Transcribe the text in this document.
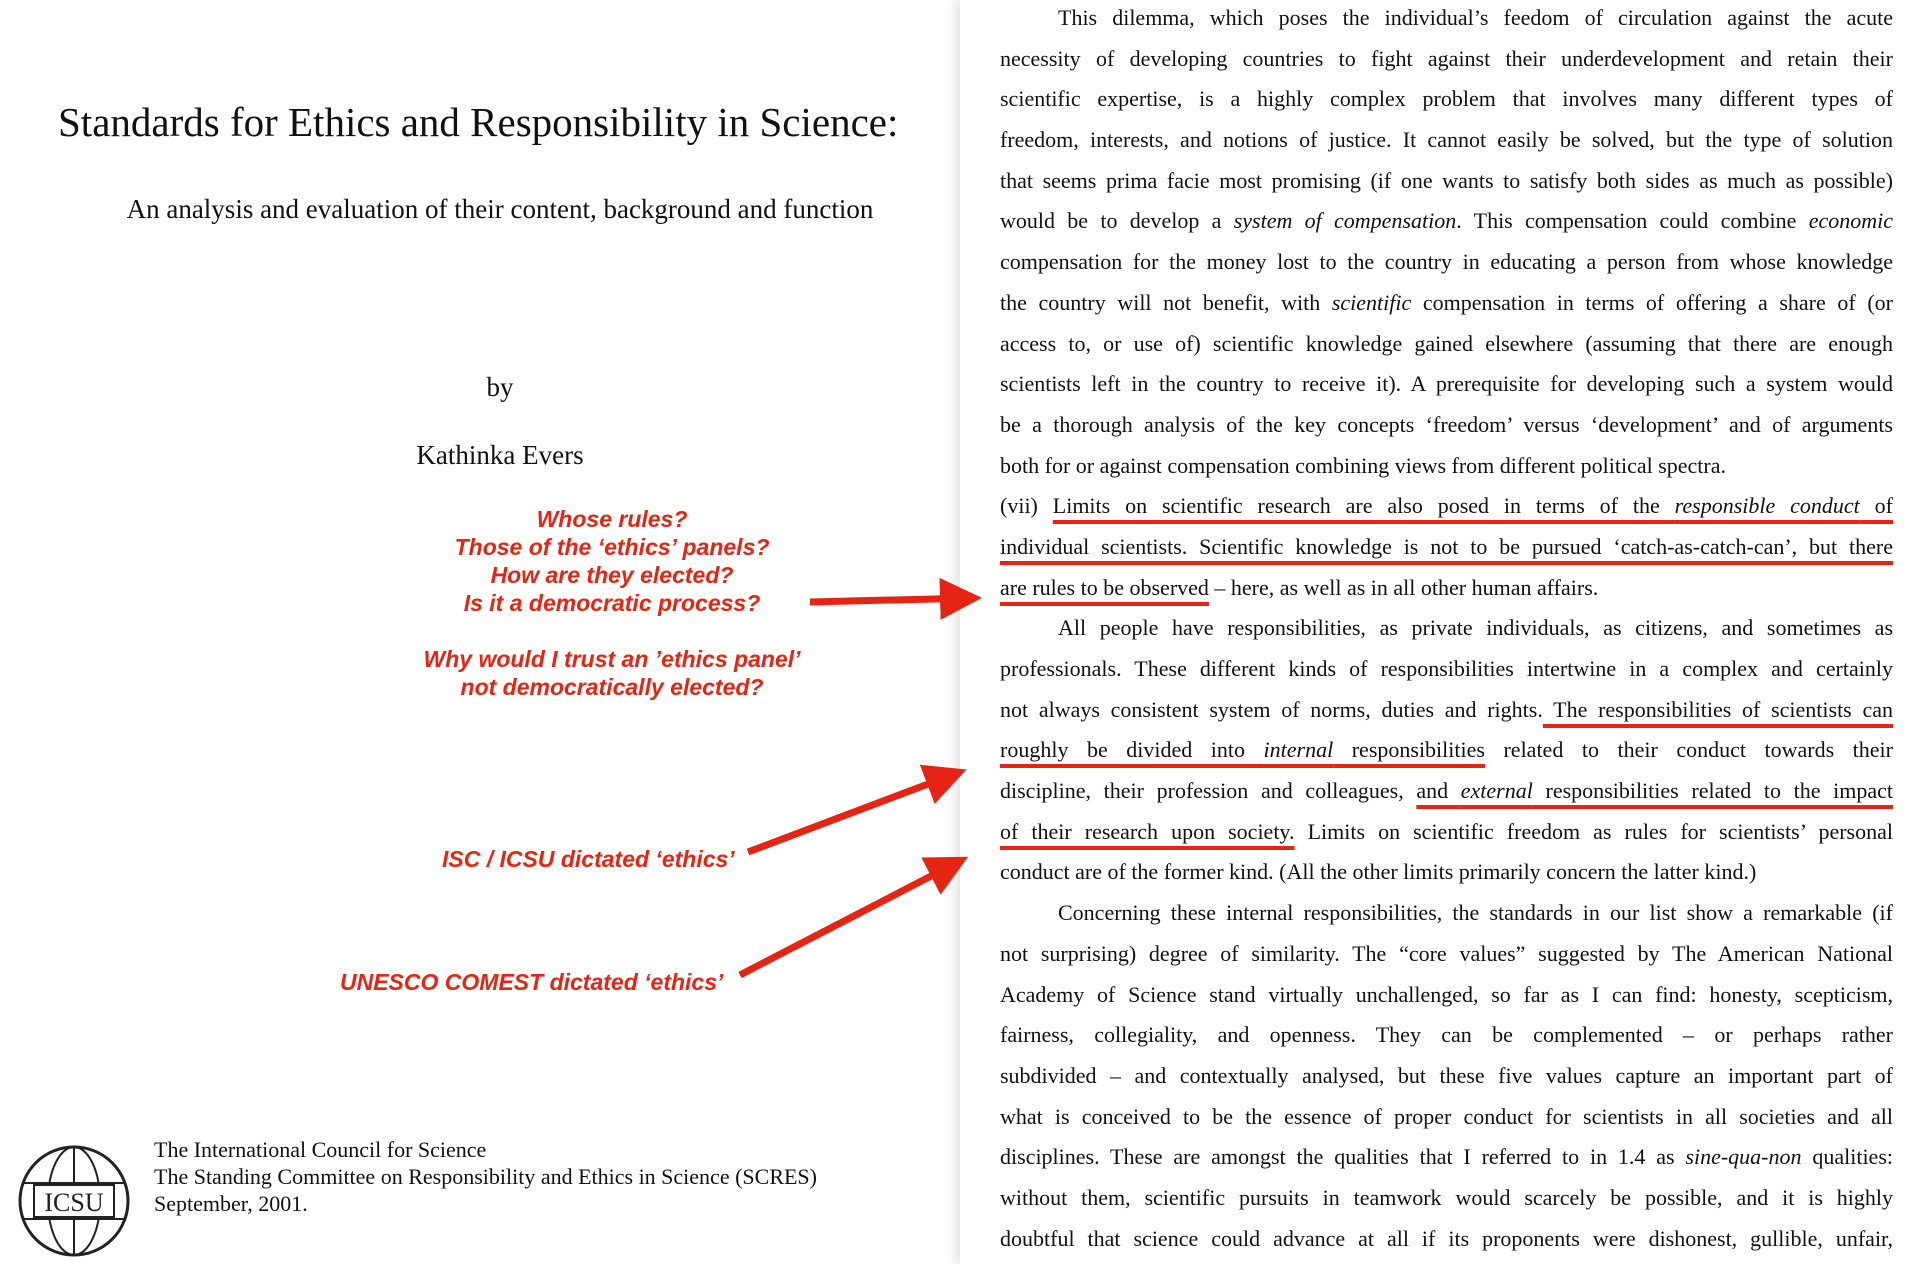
Standards for Ethics and Responsibility in Science:
An analysis and evaluation of their content, background and function
by
Kathinka Evers
Whose rules?
Those of the ‘ethics’ panels?
How are they elected?
Is it a democratic process?
Why would I trust an ’ethics panel’
not democratically elected?
ISC / ICSU dictated ‘ethics’
UNESCO COMEST dictated ‘ethics’
ICSU
The International Council for Science
The Standing Committee on Responsibility and Ethics in Science (SCRES)
September, 2001.
This dilemma, which poses the individual’s feedom of circulation against the acute
necessity of developing countries to fight against their underdevelopment and retain their
scientific expertise, is a highly complex problem that involves many different types of
freedom, interests, and notions of justice. It cannot easily be solved, but the type of solution
that seems prima facie most promising (if one wants to satisfy both sides as much as possible)
would be to develop a system of compensation. This compensation could combine economic
compensation for the money lost to the country in educating a person from whose knowledge
the country will not benefit, with scientific compensation in terms of offering a share of (or
access to, or use of) scientific knowledge gained elsewhere (assuming that there are enough
scientists left in the country to receive it). A prerequisite for developing such a system would
be a thorough analysis of the key concepts ‘freedom’ versus ‘development’ and of arguments
both for or against compensation combining views from different political spectra.
(vii) Limits on scientific research are also posed in terms of the responsible conduct of
individual scientists. Scientific knowledge is not to be pursued ‘catch-as-catch-can’, but there
are rules to be observed – here, as well as in all other human affairs.
All people have responsibilities, as private individuals, as citizens, and sometimes as
professionals. These different kinds of responsibilities intertwine in a complex and certainly
not always consistent system of norms, duties and rights. The responsibilities of scientists can
roughly be divided into internal responsibilities related to their conduct towards their
discipline, their profession and colleagues, and external responsibilities related to the impact
of their research upon society. Limits on scientific freedom as rules for scientists’ personal
conduct are of the former kind. (All the other limits primarily concern the latter kind.)
Concerning these internal responsibilities, the standards in our list show a remarkable (if
not surprising) degree of similarity. The “core values” suggested by The American National
Academy of Science stand virtually unchallenged, so far as I can find: honesty, scepticism,
fairness, collegiality, and openness. They can be complemented – or perhaps rather
subdivided – and contextually analysed, but these five values capture an important part of
what is conceived to be the essence of proper conduct for scientists in all societies and all
disciplines. These are amongst the qualities that I referred to in 1.4 as sine-qua-non qualities:
without them, scientific pursuits in teamwork would scarcely be possible, and it is highly
doubtful that science could advance at all if its proponents were dishonest, gullible, unfair,
